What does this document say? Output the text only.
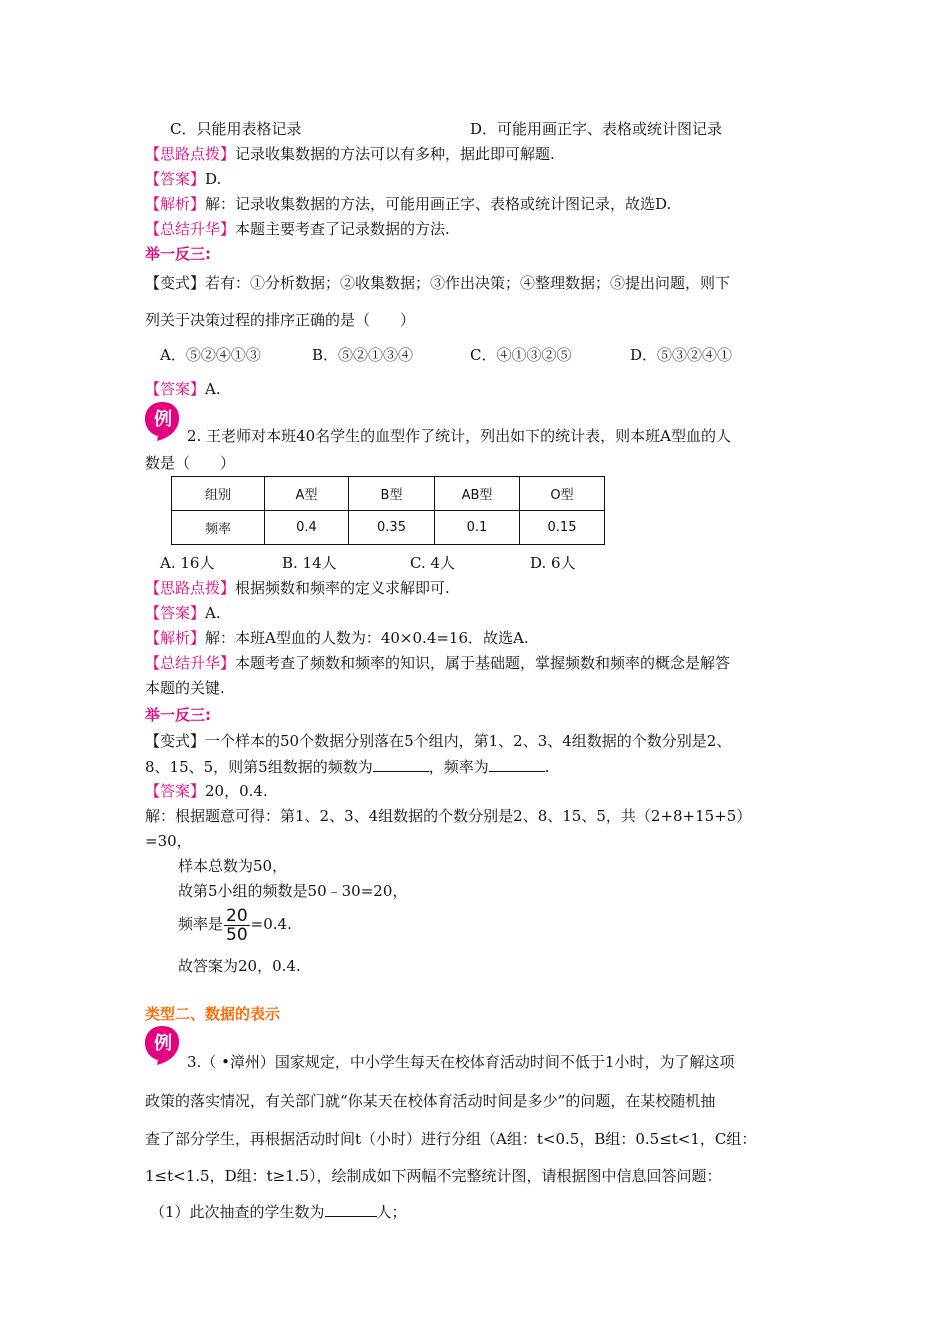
C．只能用表格记录	D．可能用画正字、表格或统计图记录
【思路点拨】记录收集数据的方法可以有多种，据此即可解题.
【答案】D.
【解析】解：记录收集数据的方法，可能用画正字、表格或统计图记录，故选D.
【总结升华】本题主要考查了记录数据的方法.
举一反三:
【变式】若有：①分析数据；②收集数据；③作出决策；④整理数据；⑤提出问题，则下
列关于决策过程的排序正确的是（　　）
A．⑤②④①③	B．⑤②①③④	C．④①③②⑤	D．⑤③②④①
【答案】A.
例
2. 王老师对本班40名学生的血型作了统计，列出如下的统计表，则本班A型血的人
数是（　　）
组别	A型	B型	AB型	O型
频率	0.4	0.35	0.1	0.15
A. 16人	B. 14人	C. 4人	D. 6人
【思路点拨】根据频数和频率的定义求解即可.
【答案】A.
【解析】解：本班A型血的人数为：40×0.4=16．故选A.
【总结升华】本题考查了频数和频率的知识，属于基础题，掌握频数和频率的概念是解答
本题的关键.
举一反三:
【变式】一个样本的50个数据分别落在5个组内，第1、2、3、4组数据的个数分别是2、
8、15、5，则第5组数据的频数为	，频率为	.
【答案】20，0.4.
解：根据题意可得：第1、2、3、4组数据的个数分别是2、8、15、5，共（2+8+15+5）
=30，
样本总数为50，
故第5小组的频数是50﹣30=20，
频率是 $\frac{20}{50} =0.4$.
故答案为20，0.4.
类型二、数据的表示
例
3.（ •漳州）国家规定，中小学生每天在校体育活动时间不低于1小时，为了解这项
政策的落实情况，有关部门就“你某天在校体育活动时间是多少”的问题，在某校随机抽
查了部分学生，再根据活动时间t（小时）进行分组（A组：t<0.5，B组：0.5≤t<1，C组：
1≤t<1.5，D组：t≥1.5），绘制成如下两幅不完整统计图，请根据图中信息回答问题：
（1）此次抽查的学生数为	人；
